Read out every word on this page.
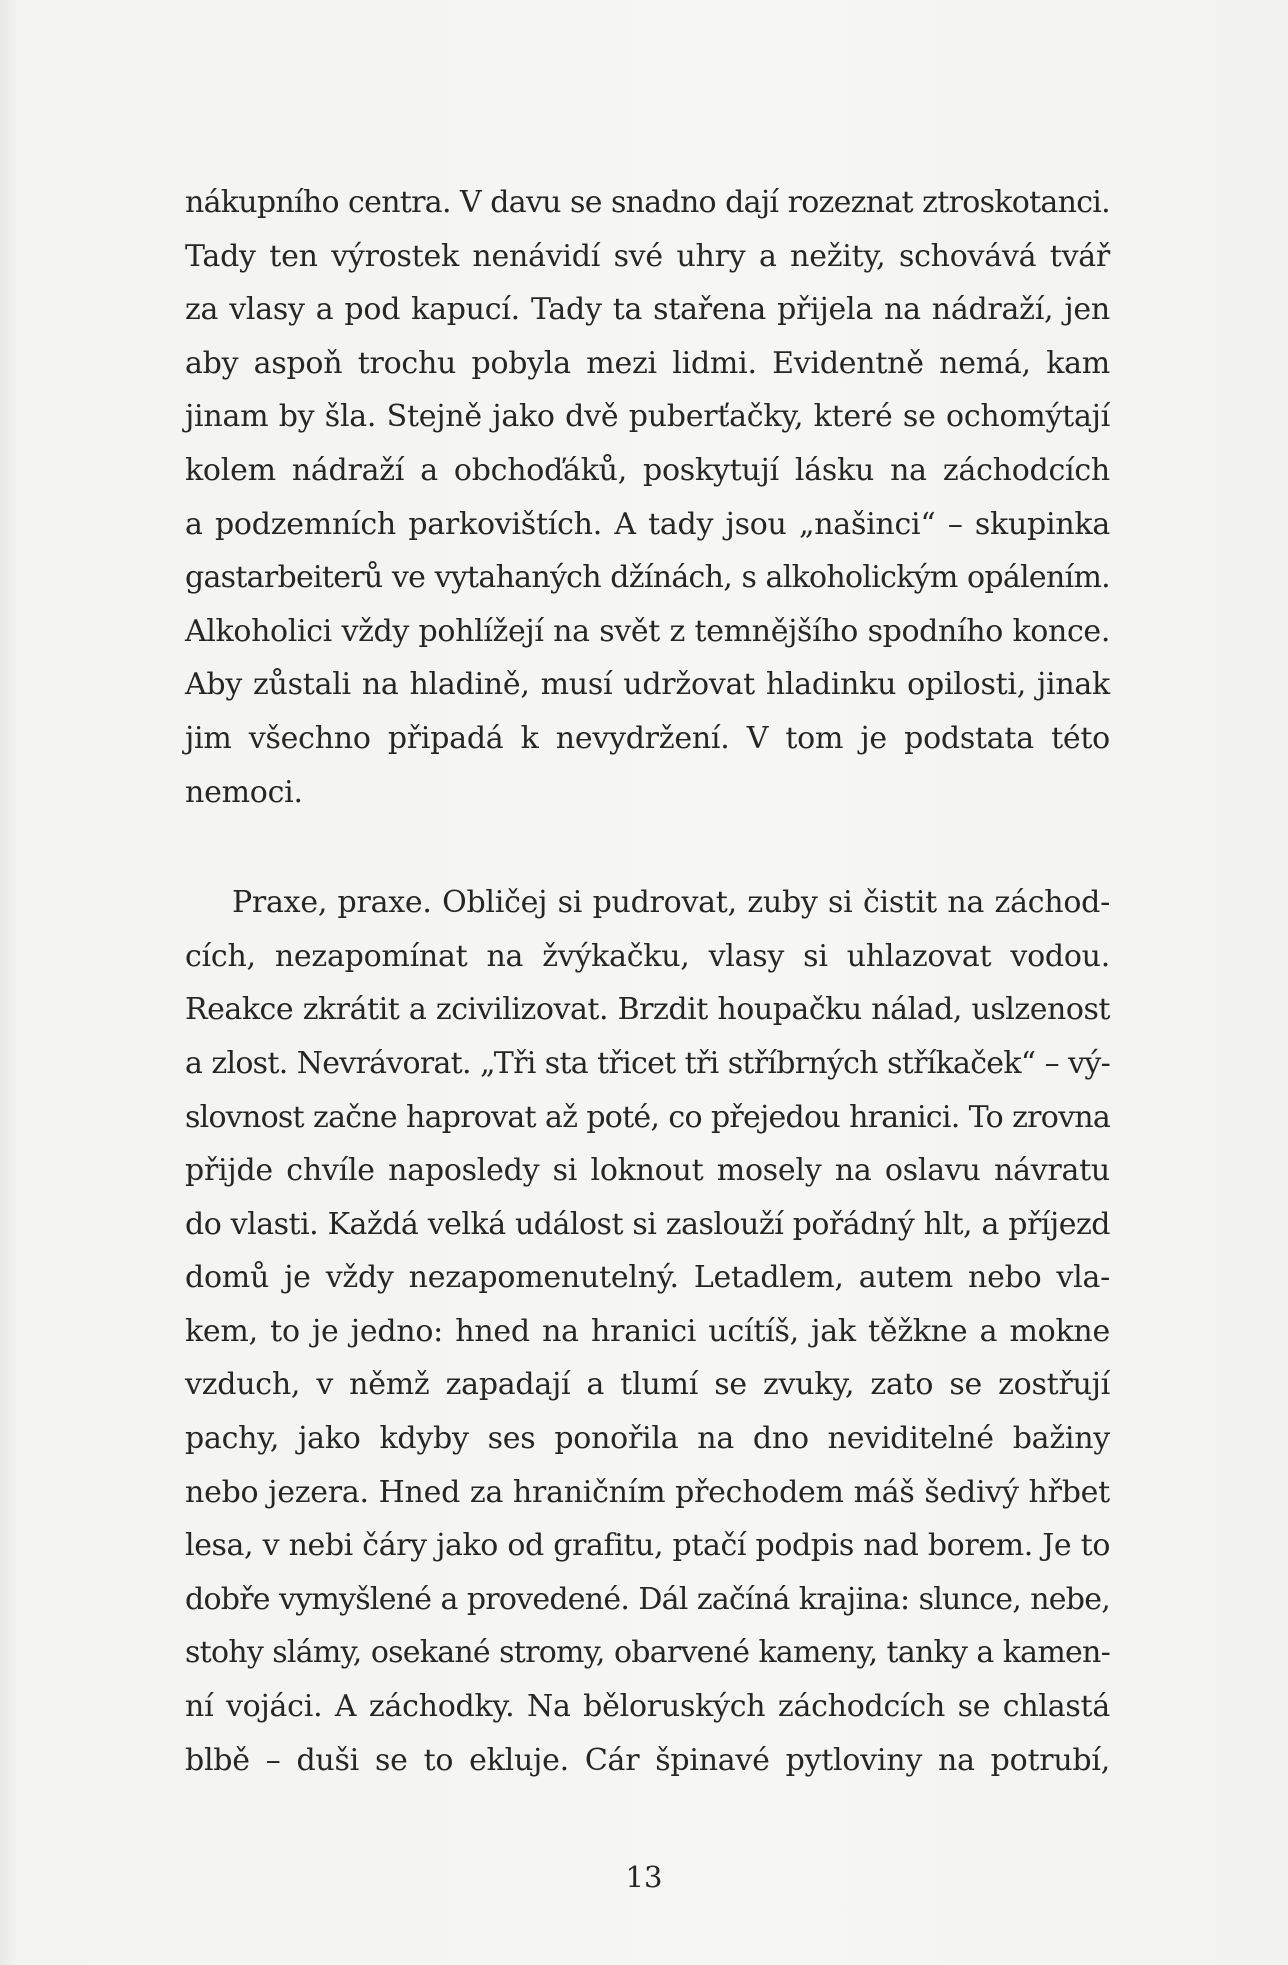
nákupního centra. V davu se snadno dají rozeznat ztroskotanci.
Tady ten výrostek nenávidí své uhry a nežity, schovává tvář
za vlasy a pod kapucí. Tady ta stařena přijela na nádraží, jen
aby aspoň trochu pobyla mezi lidmi. Evidentně nemá, kam
jinam by šla. Stejně jako dvě puberťačky, které se ochomýtají
kolem nádraží a obchoďáků, poskytují lásku na záchodcích
a podzemních parkovištích. A tady jsou „našinci“ – skupinka
gastarbeiterů ve vytahaných džínách, s alkoholickým opálením.
Alkoholici vždy pohlížejí na svět z temnějšího spodního konce.
Aby zůstali na hladině, musí udržovat hladinku opilosti, jinak
jim všechno připadá k nevydržení. V tom je podstata této
nemoci.
Praxe, praxe. Obličej si pudrovat, zuby si čistit na záchod-
cích, nezapomínat na žvýkačku, vlasy si uhlazovat vodou.
Reakce zkrátit a zcivilizovat. Brzdit houpačku nálad, uslzenost
a zlost. Nevrávorat. „Tři sta třicet tři stříbrných stříkaček“ – vý-
slovnost začne haprovat až poté, co přejedou hranici. To zrovna
přijde chvíle naposledy si loknout mosely na oslavu návratu
do vlasti. Každá velká událost si zaslouží pořádný hlt, a příjezd
domů je vždy nezapomenutelný. Letadlem, autem nebo vla-
kem, to je jedno: hned na hranici ucítíš, jak těžkne a mokne
vzduch, v němž zapadají a tlumí se zvuky, zato se zostřují
pachy, jako kdyby ses ponořila na dno neviditelné bažiny
nebo jezera. Hned za hraničním přechodem máš šedivý hřbet
lesa, v nebi čáry jako od grafitu, ptačí podpis nad borem. Je to
dobře vymyšlené a provedené. Dál začíná krajina: slunce, nebe,
stohy slámy, osekané stromy, obarvené kameny, tanky a kamen-
ní vojáci. A záchodky. Na běloruských záchodcích se chlastá
blbě – duši se to ekluje. Cár špinavé pytloviny na potrubí,
13
